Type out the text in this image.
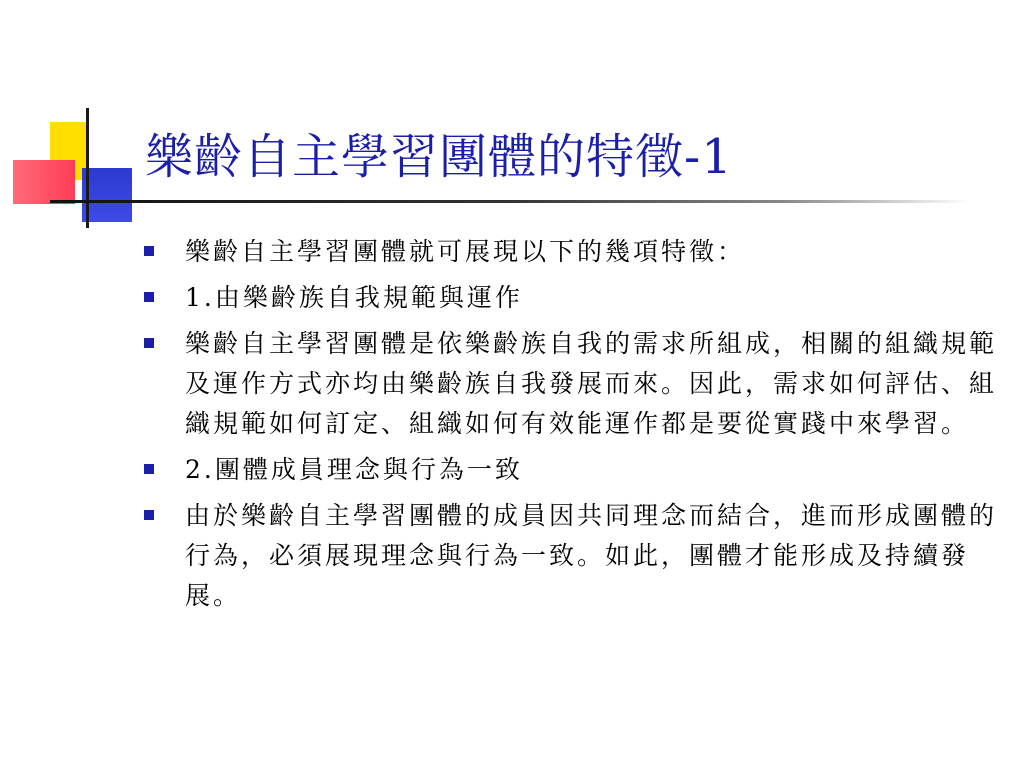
樂齡自主學習團體的特徵-1
樂齡自主學習團體就可展現以下的幾項特徵：
1.由樂齡族自我規範與運作
樂齡自主學習團體是依樂齡族自我的需求所組成，相關的組織規範及運作方式亦均由樂齡族自我發展而來。因此，需求如何評估、組織規範如何訂定、組織如何有效能運作都是要從實踐中來學習。
2.團體成員理念與行為一致
由於樂齡自主學習團體的成員因共同理念而結合，進而形成團體的行為，必須展現理念與行為一致。如此，團體才能形成及持續發展。
